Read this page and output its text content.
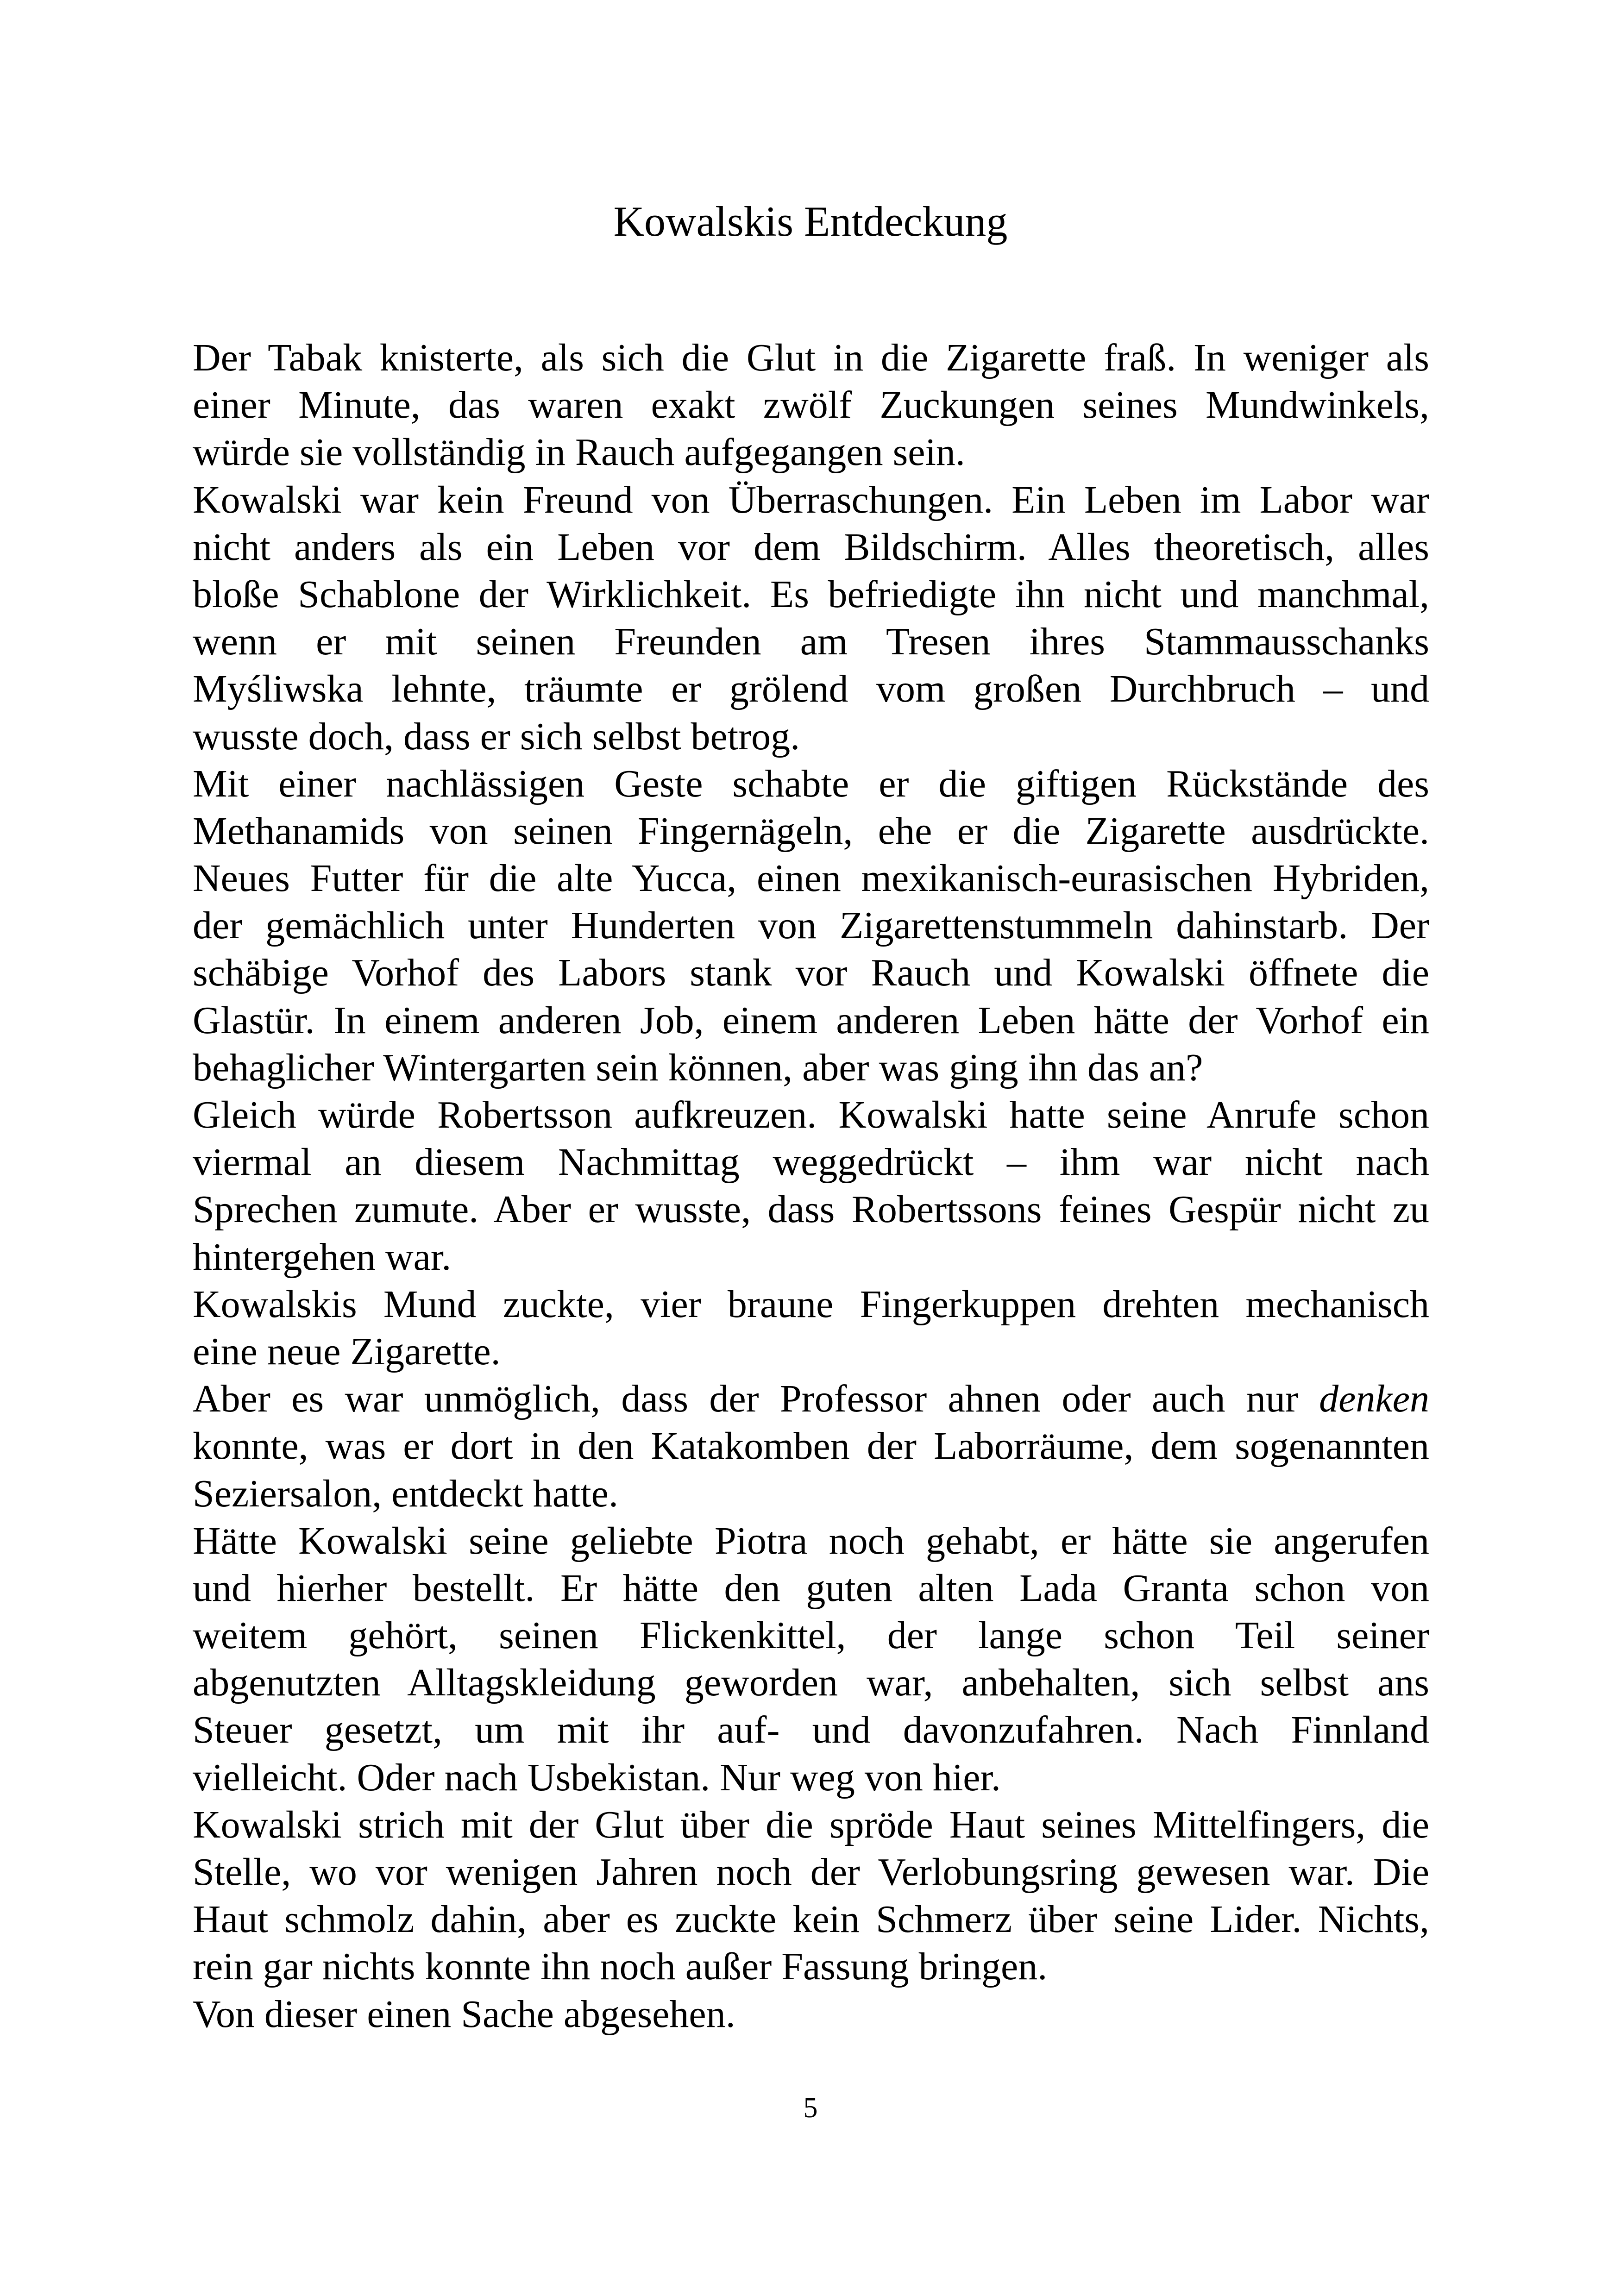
Kowalskis Entdeckung
Der Tabak knisterte, als sich die Glut in die Zigarette fraß. In weniger als
einer Minute, das waren exakt zwölf Zuckungen seines Mundwinkels,
würde sie vollständig in Rauch aufgegangen sein.
Kowalski war kein Freund von Überraschungen. Ein Leben im Labor war
nicht anders als ein Leben vor dem Bildschirm. Alles theoretisch, alles
bloße Schablone der Wirklichkeit. Es befriedigte ihn nicht und manchmal,
wenn er mit seinen Freunden am Tresen ihres Stammausschanks
Myśliwska lehnte, träumte er grölend vom großen Durchbruch – und
wusste doch, dass er sich selbst betrog.
Mit einer nachlässigen Geste schabte er die giftigen Rückstände des
Methanamids von seinen Fingernägeln, ehe er die Zigarette ausdrückte.
Neues Futter für die alte Yucca, einen mexikanisch-eurasischen Hybriden,
der gemächlich unter Hunderten von Zigarettenstummeln dahinstarb. Der
schäbige Vorhof des Labors stank vor Rauch und Kowalski öffnete die
Glastür. In einem anderen Job, einem anderen Leben hätte der Vorhof ein
behaglicher Wintergarten sein können, aber was ging ihn das an?
Gleich würde Robertsson aufkreuzen. Kowalski hatte seine Anrufe schon
viermal an diesem Nachmittag weggedrückt – ihm war nicht nach
Sprechen zumute. Aber er wusste, dass Robertssons feines Gespür nicht zu
hintergehen war.
Kowalskis Mund zuckte, vier braune Fingerkuppen drehten mechanisch
eine neue Zigarette.
Aber es war unmöglich, dass der Professor ahnen oder auch nur denken
konnte, was er dort in den Katakomben der Laborräume, dem sogenannten
Seziersalon, entdeckt hatte.
Hätte Kowalski seine geliebte Piotra noch gehabt, er hätte sie angerufen
und hierher bestellt. Er hätte den guten alten Lada Granta schon von
weitem gehört, seinen Flickenkittel, der lange schon Teil seiner
abgenutzten Alltagskleidung geworden war, anbehalten, sich selbst ans
Steuer gesetzt, um mit ihr auf- und davonzufahren. Nach Finnland
vielleicht. Oder nach Usbekistan. Nur weg von hier.
Kowalski strich mit der Glut über die spröde Haut seines Mittelfingers, die
Stelle, wo vor wenigen Jahren noch der Verlobungsring gewesen war. Die
Haut schmolz dahin, aber es zuckte kein Schmerz über seine Lider. Nichts,
rein gar nichts konnte ihn noch außer Fassung bringen.
Von dieser einen Sache abgesehen.
5
